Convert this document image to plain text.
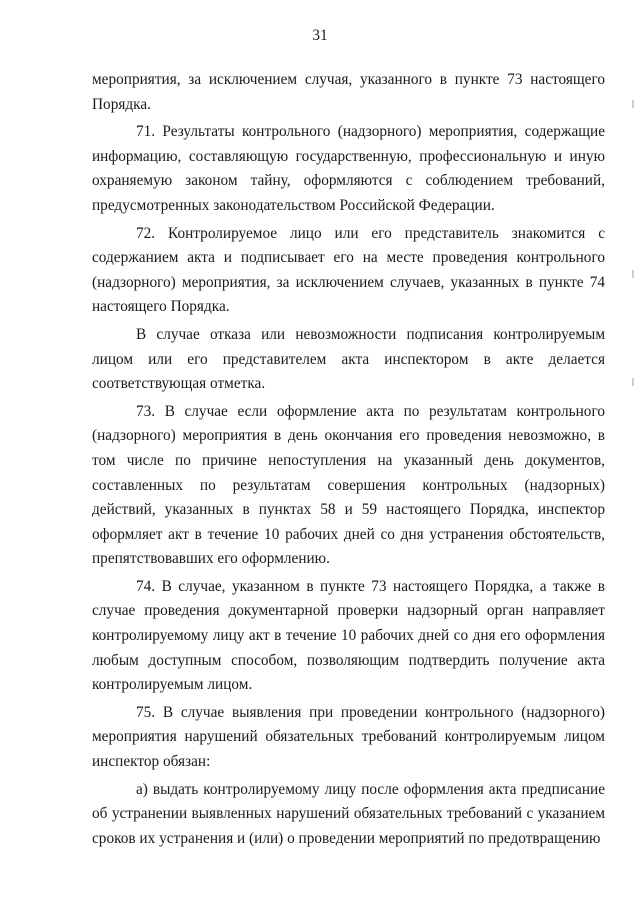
31

мероприятия, за исключением случая, указанного в пункте 73 настоящего Порядка.

71. Результаты контрольного (надзорного) мероприятия, содержащие информацию, составляющую государственную, профессиональную и иную охраняемую законом тайну, оформляются с соблюдением требований, предусмотренных законодательством Российской Федерации.

72. Контролируемое лицо или его представитель знакомится с содержанием акта и подписывает его на месте проведения контрольного (надзорного) мероприятия, за исключением случаев, указанных в пункте 74 настоящего Порядка.

В случае отказа или невозможности подписания контролируемым лицом или его представителем акта инспектором в акте делается соответствующая отметка.

73. В случае если оформление акта по результатам контрольного (надзорного) мероприятия в день окончания его проведения невозможно, в том числе по причине непоступления на указанный день документов, составленных по результатам совершения контрольных (надзорных) действий, указанных в пунктах 58 и 59 настоящего Порядка, инспектор оформляет акт в течение 10 рабочих дней со дня устранения обстоятельств, препятствовавших его оформлению.

74. В случае, указанном в пункте 73 настоящего Порядка, а также в случае проведения документарной проверки надзорный орган направляет контролируемому лицу акт в течение 10 рабочих дней со дня его оформления любым доступным способом, позволяющим подтвердить получение акта контролируемым лицом.

75. В случае выявления при проведении контрольного (надзорного) мероприятия нарушений обязательных требований контролируемым лицом инспектор обязан:

а) выдать контролируемому лицу после оформления акта предписание об устранении выявленных нарушений обязательных требований с указанием сроков их устранения и (или) о проведении мероприятий по предотвращению
